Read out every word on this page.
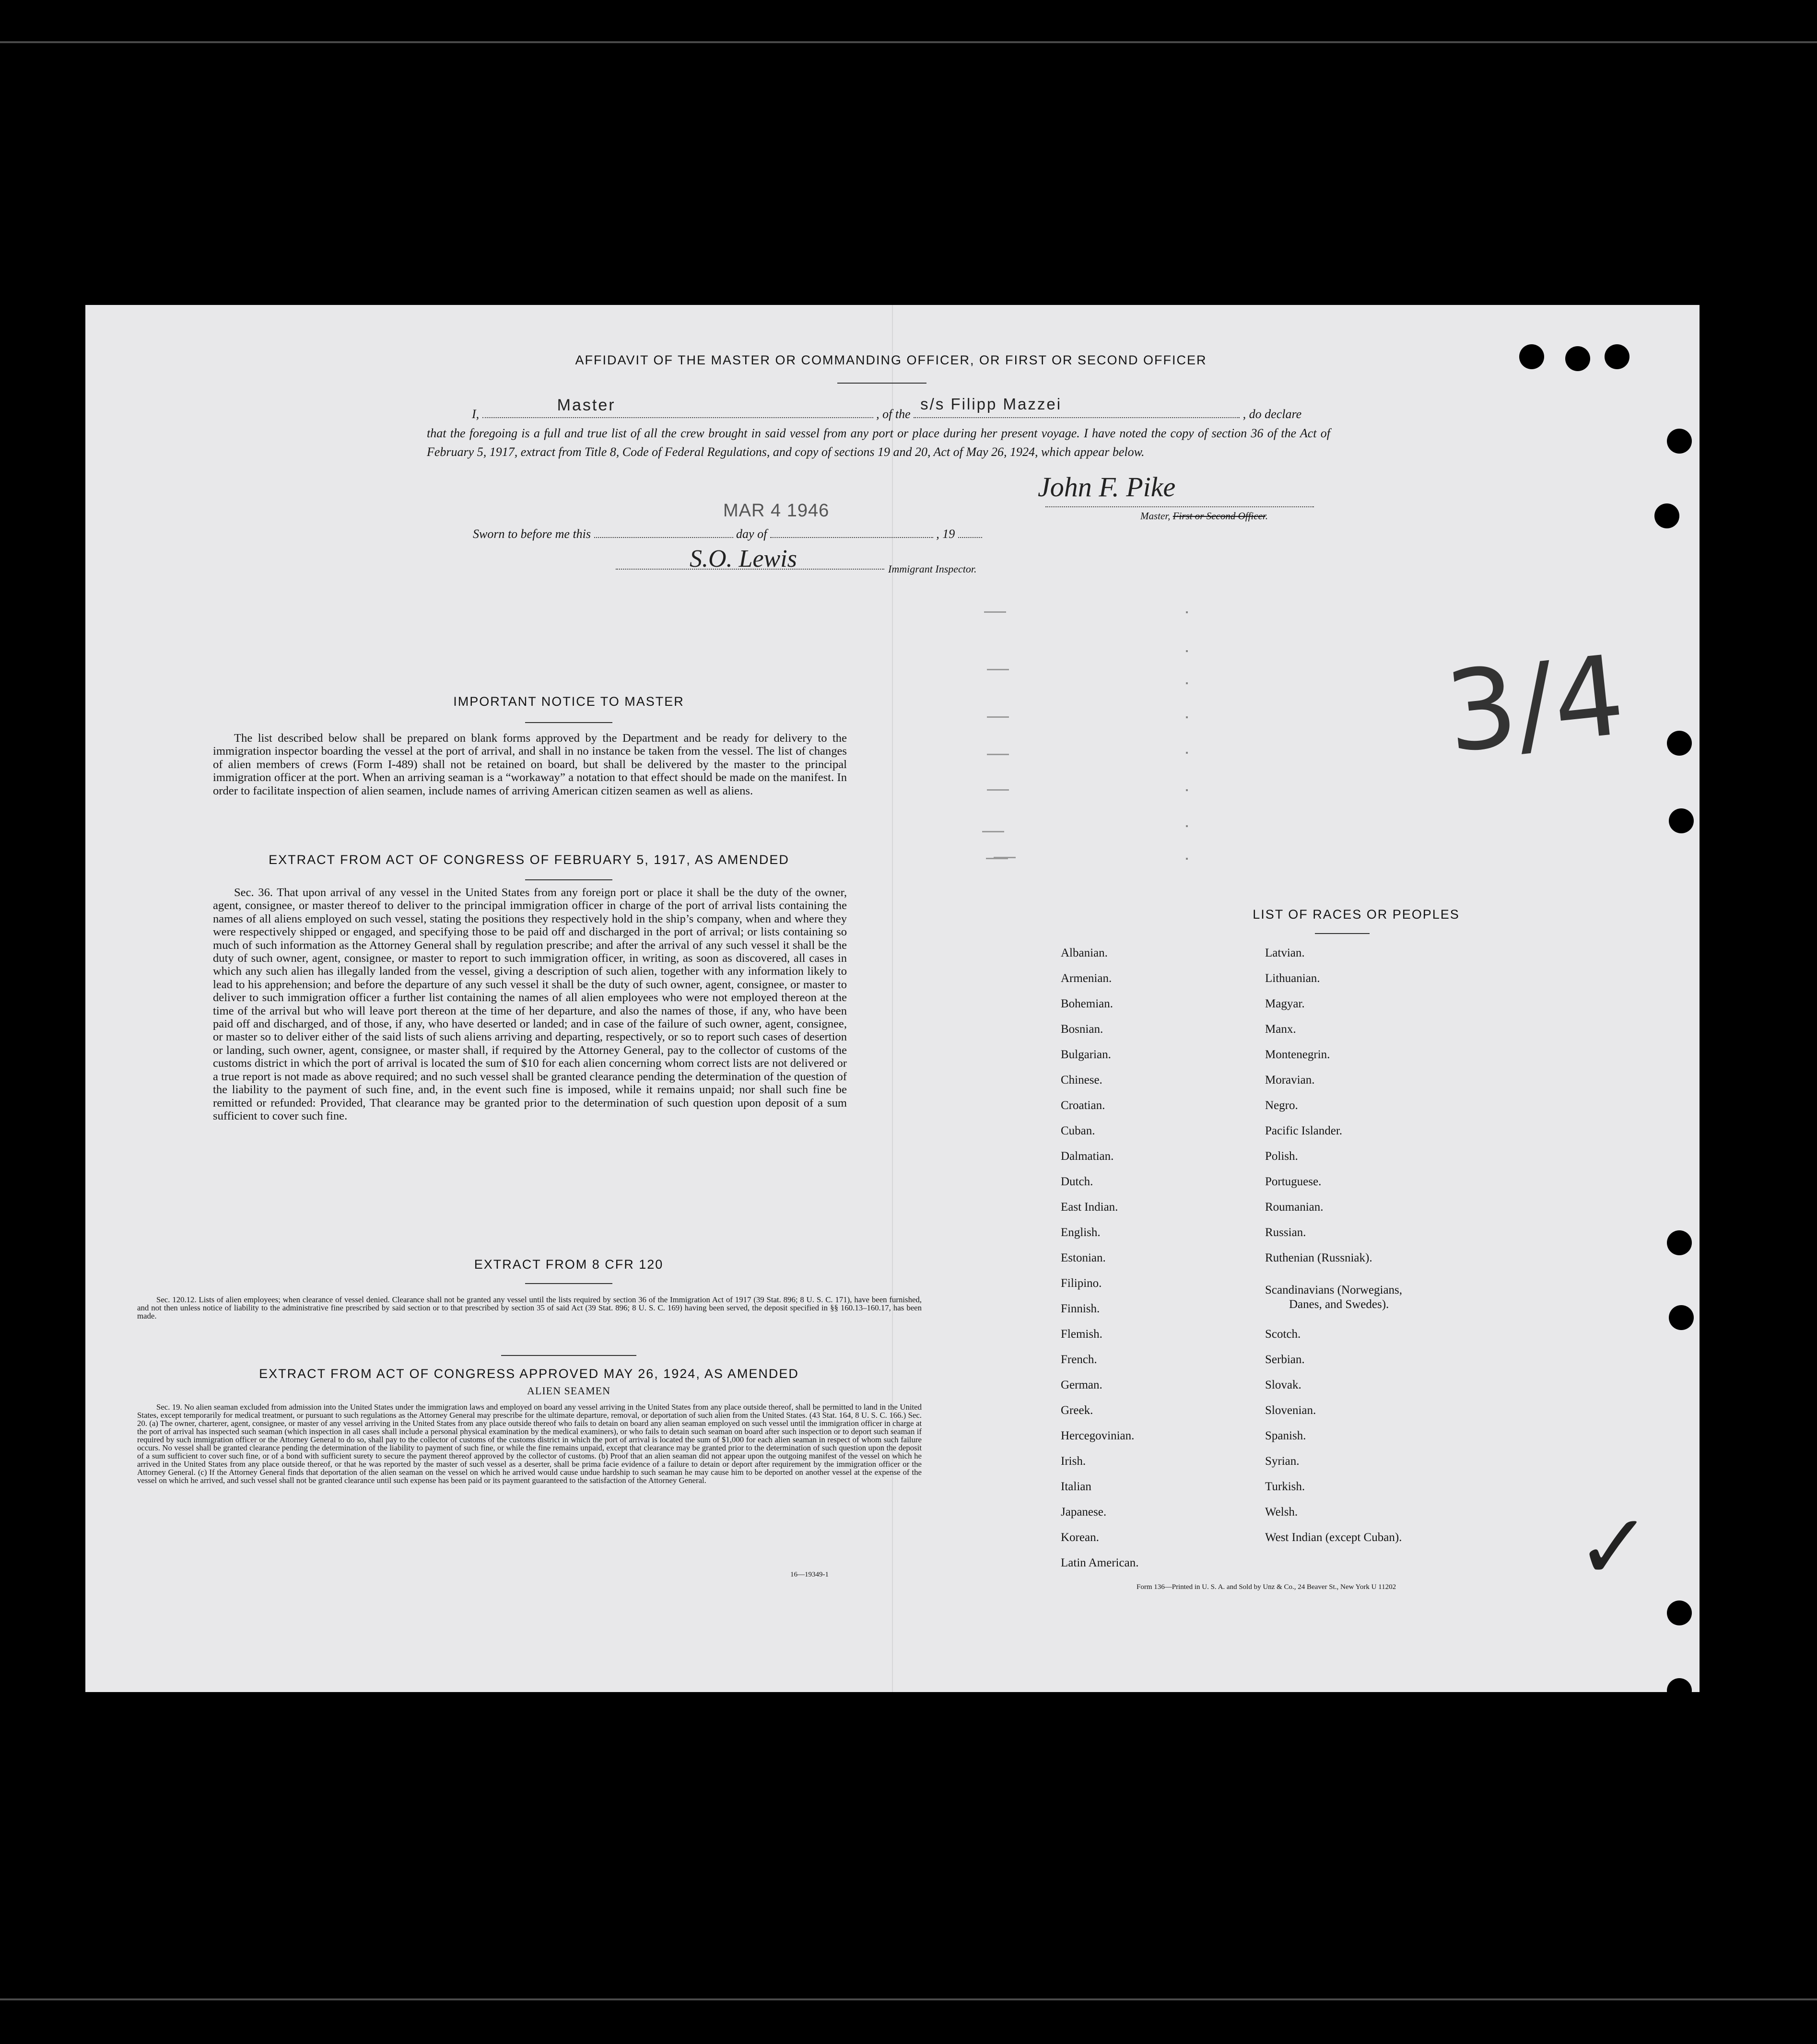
AFFIDAVIT OF THE MASTER OR COMMANDING OFFICER, OR FIRST OR SECOND OFFICER
I,	Master	, of the
s/s Filipp Mazzei
, do declare
that the foregoing is a full and true list of all the crew brought in said vessel from any port or place during her present voyage. I have noted the copy of section 36 of the Act of February 5, 1917, extract from Title 8, Code of Federal Regulations, and copy of sections 19 and 20, Act of May 26, 1924, which appear below.
MAR 4 1946
John F. Pike
Master, First or Second Officer.
Sworn to before me this	day of	, 19
S.O. Lewis	Immigrant Inspector.
3/4
IMPORTANT NOTICE TO MASTER
The list described below shall be prepared on blank forms approved by the Department and be ready for delivery to the immigration inspector boarding the vessel at the port of arrival, and shall in no instance be taken from the vessel. The list of changes of alien members of crews (Form I-489) shall not be retained on board, but shall be delivered by the master to the principal immigration officer at the port. When an arriving seaman is a “workaway” a notation to that effect should be made on the manifest. In order to facilitate inspection of alien seamen, include names of arriving American citizen seamen as well as aliens.
EXTRACT FROM ACT OF CONGRESS OF FEBRUARY 5, 1917, AS AMENDED
Sec. 36. That upon arrival of any vessel in the United States from any foreign port or place it shall be the duty of the owner, agent, consignee, or master thereof to deliver to the principal immigration officer in charge of the port of arrival lists containing the names of all aliens employed on such vessel, stating the positions they respectively hold in the ship’s company, when and where they were respectively shipped or engaged, and specifying those to be paid off and discharged in the port of arrival; or lists containing so much of such information as the Attorney General shall by regulation prescribe; and after the arrival of any such vessel it shall be the duty of such owner, agent, consignee, or master to report to such immigration officer, in writing, as soon as discovered, all cases in which any such alien has illegally landed from the vessel, giving a description of such alien, together with any information likely to lead to his apprehension; and before the departure of any such vessel it shall be the duty of such owner, agent, consignee, or master to deliver to such immigration officer a further list containing the names of all alien employees who were not employed thereon at the time of the arrival but who will leave port thereon at the time of her departure, and also the names of those, if any, who have been paid off and discharged, and of those, if any, who have deserted or landed; and in case of the failure of such owner, agent, consignee, or master so to deliver either of the said lists of such aliens arriving and departing, respectively, or so to report such cases of desertion or landing, such owner, agent, consignee, or master shall, if required by the Attorney General, pay to the collector of customs of the customs district in which the port of arrival is located the sum of $10 for each alien concerning whom correct lists are not delivered or a true report is not made as above required; and no such vessel shall be granted clearance pending the determination of the question of the liability to the payment of such fine, and, in the event such fine is imposed, while it remains unpaid; nor shall such fine be remitted or refunded: Provided, That clearance may be granted prior to the determination of such question upon deposit of a sum sufficient to cover such fine.
EXTRACT FROM 8 CFR 120
Sec. 120.12. Lists of alien employees; when clearance of vessel denied. Clearance shall not be granted any vessel until the lists required by section 36 of the Immigration Act of 1917 (39 Stat. 896; 8 U. S. C. 171), have been furnished, and not then unless notice of liability to the administrative fine prescribed by said section or to that prescribed by section 35 of said Act (39 Stat. 896; 8 U. S. C. 169) having been served, the deposit specified in §§ 160.13–160.17, has been made.
EXTRACT FROM ACT OF CONGRESS APPROVED MAY 26, 1924, AS AMENDED
ALIEN SEAMEN
Sec. 19. No alien seaman excluded from admission into the United States under the immigration laws and employed on board any vessel arriving in the United States from any place outside thereof, shall be permitted to land in the United States, except temporarily for medical treatment, or pursuant to such regulations as the Attorney General may prescribe for the ultimate departure, removal, or deportation of such alien from the United States. (43 Stat. 164, 8 U. S. C. 166.) Sec. 20. (a) The owner, charterer, agent, consignee, or master of any vessel arriving in the United States from any place outside thereof who fails to detain on board any alien seaman employed on such vessel until the immigration officer in charge at the port of arrival has inspected such seaman (which inspection in all cases shall include a personal physical examination by the medical examiners), or who fails to detain such seaman on board after such inspection or to deport such seaman if required by such immigration officer or the Attorney General to do so, shall pay to the collector of customs of the customs district in which the port of arrival is located the sum of $1,000 for each alien seaman in respect of whom such failure occurs. No vessel shall be granted clearance pending the determination of the liability to payment of such fine, or while the fine remains unpaid, except that clearance may be granted prior to the determination of such question upon the deposit of a sum sufficient to cover such fine, or of a bond with sufficient surety to secure the payment thereof approved by the collector of customs. (b) Proof that an alien seaman did not appear upon the outgoing manifest of the vessel on which he arrived in the United States from any place outside thereof, or that he was reported by the master of such vessel as a deserter, shall be prima facie evidence of a failure to detain or deport after requirement by the immigration officer or the Attorney General. (c) If the Attorney General finds that deportation of the alien seaman on the vessel on which he arrived would cause undue hardship to such seaman he may cause him to be deported on another vessel at the expense of the vessel on which he arrived, and such vessel shall not be granted clearance until such expense has been paid or its payment guaranteed to the satisfaction of the Attorney General.
16—19349-1
LIST OF RACES OR PEOPLES
Albanian.
Armenian.
Bohemian.
Bosnian.
Bulgarian.
Chinese.
Croatian.
Cuban.
Dalmatian.
Dutch.
East Indian.
English.
Estonian.
Filipino.
Finnish.
Flemish.
French.
German.
Greek.
Hercegovinian.
Irish.
Italian
Japanese.
Korean.
Latin American.
Latvian.
Lithuanian.
Magyar.
Manx.
Montenegrin.
Moravian.
Negro.
Pacific Islander.
Polish.
Portuguese.
Roumanian.
Russian.
Ruthenian (Russniak).
Scandinavians (Norwegians,
Danes, and Swedes).
Scotch.
Serbian.
Slovak.
Slovenian.
Spanish.
Syrian.
Turkish.
Welsh.
West Indian (except Cuban).
Form 136—Printed in U. S. A. and Sold by Unz & Co., 24 Beaver St., New York U 11202 ✓
